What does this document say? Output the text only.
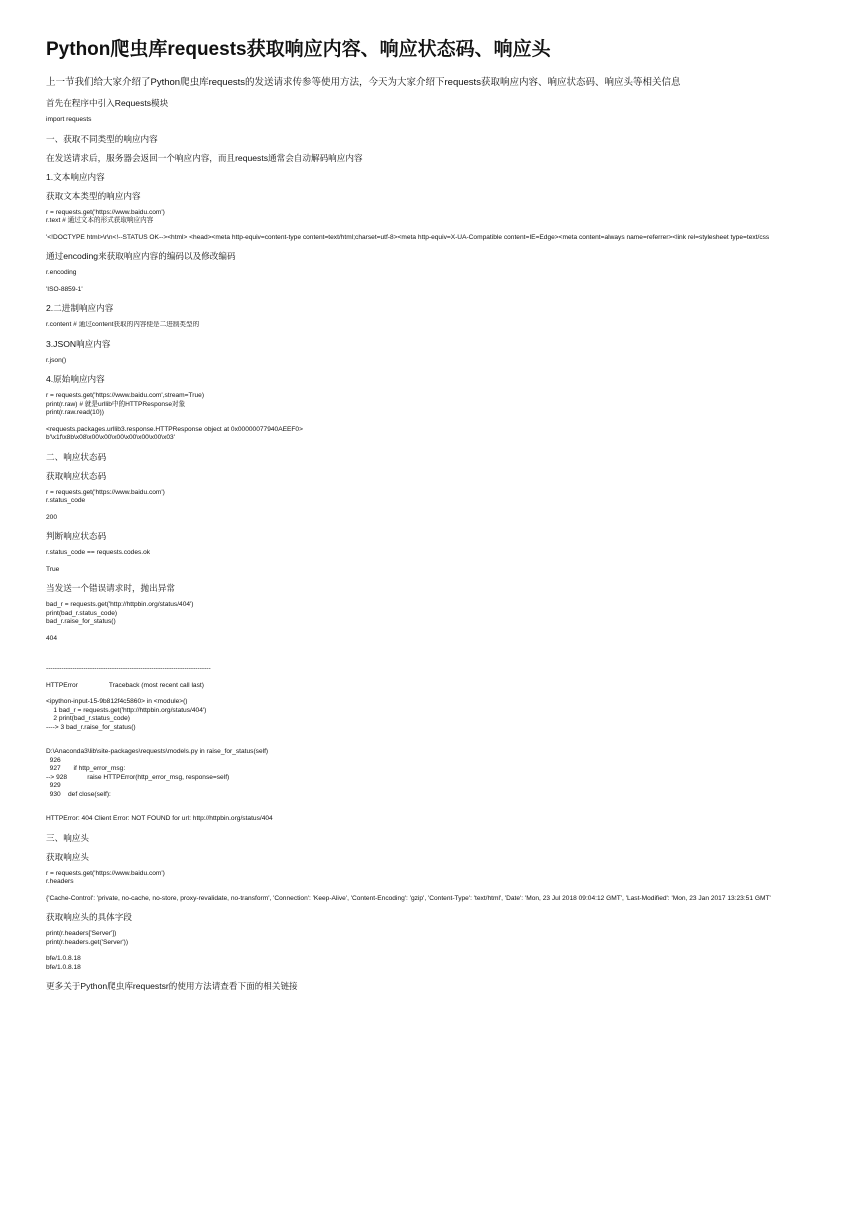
Python爬虫库requests获取响应内容、响应状态码、响应头

上一节我们给大家介绍了Python爬虫库requests的发送请求传参等使用方法，今天为大家介绍下requests获取响应内容、响应状态码、响应头等相关信息

首先在程序中引入Requests模块

import requests

一、获取不同类型的响应内容

在发送请求后，服务器会返回一个响应内容，而且requests通常会自动解码响应内容

1.文本响应内容

获取文本类型的响应内容

r = requests.get('https://www.baidu.com')
r.text # 通过文本的形式获取响应内容
'<!DOCTYPE html>\r\n<!--STATUS OK--><html> <head><meta http-equiv=content-type content=text/html;charset=utf-8><meta http-equiv=X-UA-Compatible content=IE=Edge><meta content=always name=referrer><link rel=stylesheet type=text/css

通过encoding来获取响应内容的编码以及修改编码

r.encoding
'ISO-8859-1'

2.二进制响应内容

r.content # 通过content获取的内容便是二进制类型的

3.JSON响应内容

r.json()

4.原始响应内容

r = requests.get('https://www.baidu.com',stream=True)
print(r.raw) # 就是urllib中的HTTPResponse对象
print(r.raw.read(10))
<requests.packages.urllib3.response.HTTPResponse object at 0x00000077940AEEF0>
b'\x1f\x8b\x08\x00\x00\x00\x00\x00\x00\x03'

二、响应状态码

获取响应状态码

r = requests.get('https://www.baidu.com')
r.status_code
200

判断响应状态码

r.status_code == requests.codes.ok
True

当发送一个错误请求时，抛出异常

bad_r = requests.get('http://httpbin.org/status/404')
print(bad_r.status_code)
bad_r.raise_for_status()
404
---------------------------------------------------------------------------
HTTPError                 Traceback (most recent call last)
<ipython-input-15-9b812f4c5860> in <module>()
1 bad_r = requests.get('http://httpbin.org/status/404')
2 print(bad_r.status_code)
----> 3 bad_r.raise_for_status()
D:\Anaconda3\lib\site-packages\requests\models.py in raise_for_status(self)
926
927       if http_error_msg:
--> 928           raise HTTPError(http_error_msg, response=self)
929
930    def close(self):
HTTPError: 404 Client Error: NOT FOUND for url: http://httpbin.org/status/404

三、响应头

获取响应头

r = requests.get('https://www.baidu.com')
r.headers
{'Cache-Control': 'private, no-cache, no-store, proxy-revalidate, no-transform', 'Connection': 'Keep-Alive', 'Content-Encoding': 'gzip', 'Content-Type': 'text/html', 'Date': 'Mon, 23 Jul 2018 09:04:12 GMT', 'Last-Modified': 'Mon, 23 Jan 2017 13:23:51 GMT'

获取响应头的具体字段

print(r.headers['Server'])
print(r.headers.get('Server'))
bfe/1.0.8.18
bfe/1.0.8.18

更多关于Python爬虫库requestsr的使用方法请查看下面的相关链接
